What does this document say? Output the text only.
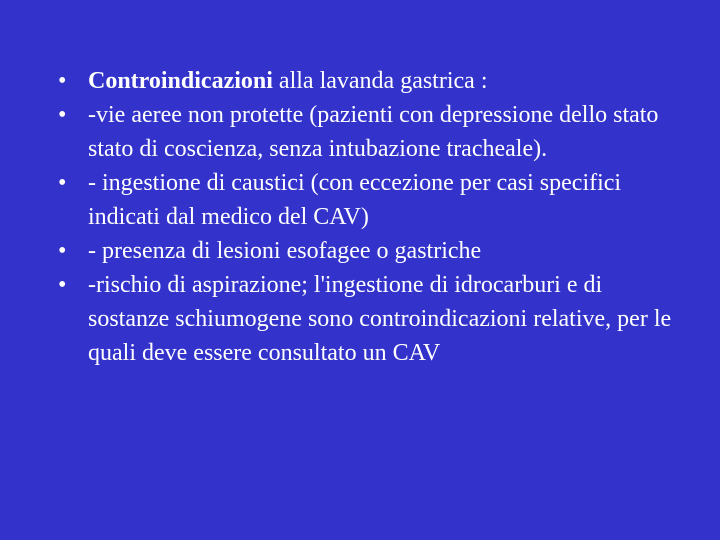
• Controindicazioni alla lavanda gastrica :
• -vie aeree non protette (pazienti con depressione dello stato stato di coscienza, senza intubazione tracheale).
• - ingestione di caustici (con eccezione per casi specifici indicati dal medico del CAV)
• - presenza di lesioni esofagee o gastriche
• -rischio di aspirazione; l'ingestione di idrocarburi e di sostanze schiumogene sono controindicazioni relative, per le quali deve essere consultato un CAV
